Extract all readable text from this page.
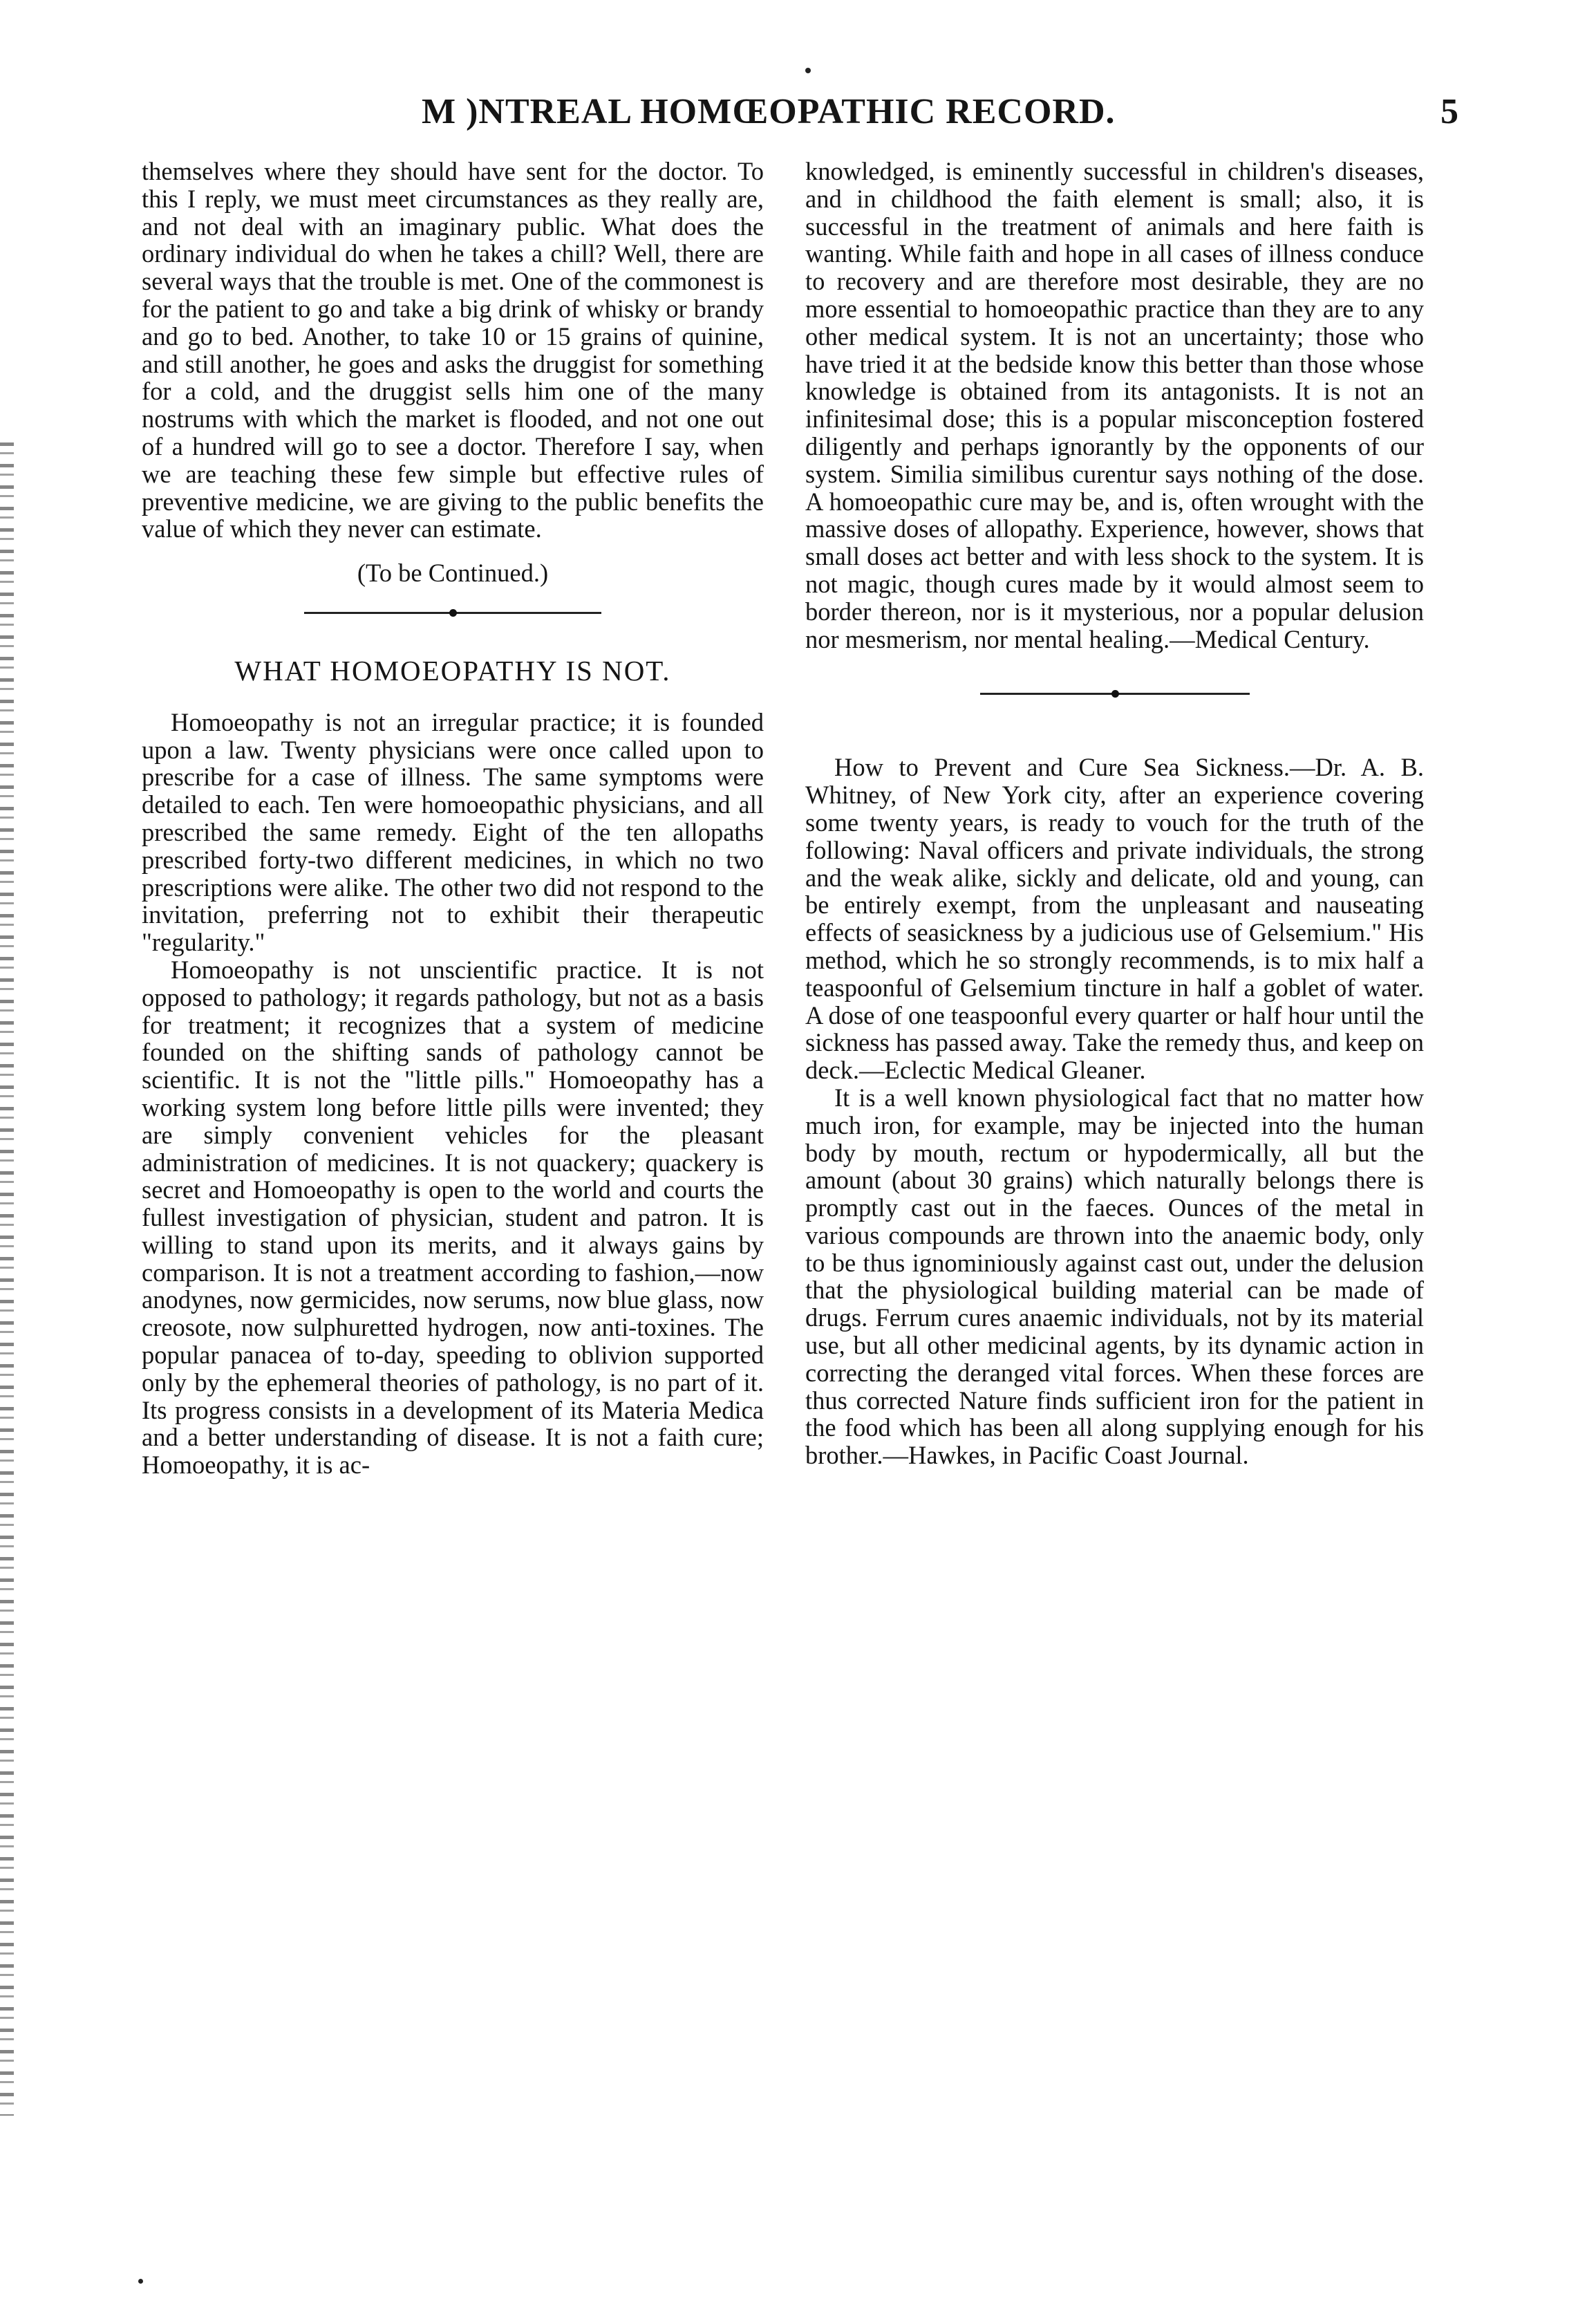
M )NTREAL HOMŒOPATHIC RECORD.	5

themselves where they should have sent for the doctor. To this I reply, we must meet circumstances as they really are, and not deal with an imaginary public. What does the ordinary individual do when he takes a chill? Well, there are several ways that the trouble is met. One of the commonest is for the patient to go and take a big drink of whisky or brandy and go to bed. Another, to take 10 or 15 grains of quinine, and still another, he goes and asks the druggist for something for a cold, and the druggist sells him one of the many nostrums with which the market is flooded, and not one out of a hundred will go to see a doctor. Therefore I say, when we are teaching these few simple but effective rules of preventive medicine, we are giving to the public benefits the value of which they never can estimate.

(To be Continued.)
WHAT HOMOEOPATHY IS NOT.

Homoeopathy is not an irregular practice; it is founded upon a law. Twenty physicians were once called upon to prescribe for a case of illness. The same symptoms were detailed to each. Ten were homoeopathic physicians, and all prescribed the same remedy. Eight of the ten allopaths prescribed forty-two different medicines, in which no two prescriptions were alike. The other two did not respond to the invitation, preferring not to exhibit their therapeutic "regularity."

Homoeopathy is not unscientific practice. It is not opposed to pathology; it regards pathology, but not as a basis for treatment; it recognizes that a system of medicine founded on the shifting sands of pathology cannot be scientific. It is not the "little pills." Homoeopathy has a working system long before little pills were invented; they are simply convenient vehicles for the pleasant administration of medicines. It is not quackery; quackery is secret and Homoeopathy is open to the world and courts the fullest investigation of physician, student and patron. It is willing to stand upon its merits, and it always gains by comparison. It is not a treatment according to fashion,—now anodynes, now germicides, now serums, now blue glass, now creosote, now sulphuretted hydrogen, now anti-toxines. The popular panacea of to-day, speeding to oblivion supported only by the ephemeral theories of pathology, is no part of it. Its progress consists in a development of its Materia Medica and a better understanding of disease. It is not a faith cure; Homoeopathy, it is ac-

knowledged, is eminently successful in children's diseases, and in childhood the faith element is small; also, it is successful in the treatment of animals and here faith is wanting. While faith and hope in all cases of illness conduce to recovery and are therefore most desirable, they are no more essential to homoeopathic practice than they are to any other medical system. It is not an uncertainty; those who have tried it at the bedside know this better than those whose knowledge is obtained from its antagonists. It is not an infinitesimal dose; this is a popular misconception fostered diligently and perhaps ignorantly by the opponents of our system. Similia similibus curentur says nothing of the dose. A homoeopathic cure may be, and is, often wrought with the massive doses of allopathy. Experience, however, shows that small doses act better and with less shock to the system. It is not magic, though cures made by it would almost seem to border thereon, nor is it mysterious, nor a popular delusion nor mesmerism, nor mental healing.—Medical Century.

How to Prevent and Cure Sea Sickness.—Dr. A. B. Whitney, of New York city, after an experience covering some twenty years, is ready to vouch for the truth of the following: Naval officers and private individuals, the strong and the weak alike, sickly and delicate, old and young, can be entirely exempt, from the unpleasant and nauseating effects of seasickness by a judicious use of Gelsemium." His method, which he so strongly recommends, is to mix half a teaspoonful of Gelsemium tincture in half a goblet of water. A dose of one teaspoonful every quarter or half hour until the sickness has passed away. Take the remedy thus, and keep on deck.—Eclectic Medical Gleaner.

It is a well known physiological fact that no matter how much iron, for example, may be injected into the human body by mouth, rectum or hypodermically, all but the amount (about 30 grains) which naturally belongs there is promptly cast out in the faeces. Ounces of the metal in various compounds are thrown into the anaemic body, only to be thus ignominiously against cast out, under the delusion that the physiological building material can be made of drugs. Ferrum cures anaemic individuals, not by its material use, but all other medicinal agents, by its dynamic action in correcting the deranged vital forces. When these forces are thus corrected Nature finds sufficient iron for the patient in the food which has been all along supplying enough for his brother.—Hawkes, in Pacific Coast Journal.
